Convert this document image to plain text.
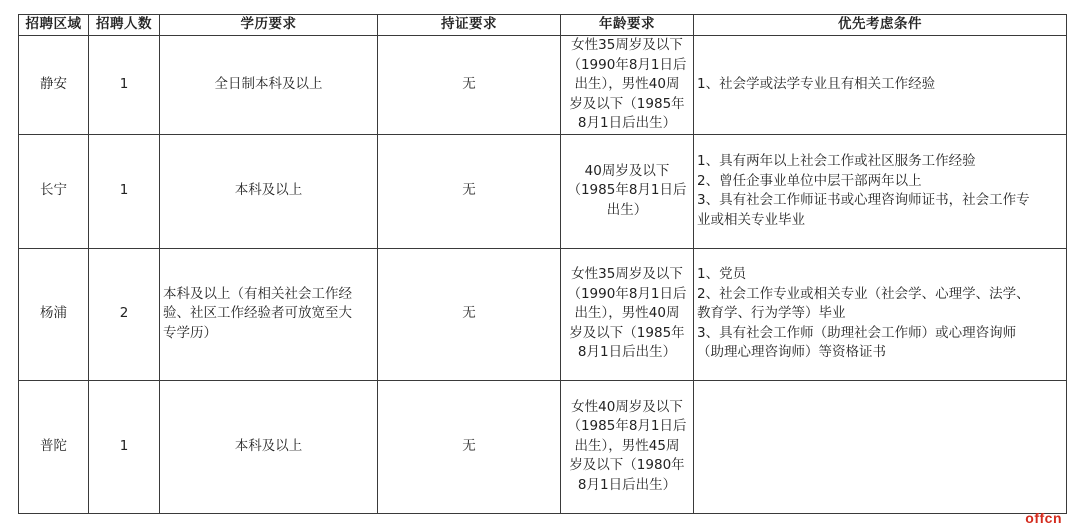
招聘区域	招聘人数	学历要求	持证要求	年龄要求	优先考虑条件
静安	1	全日制本科及以上	无	女性35周岁及以下
（1990年8月1日后
出生），男性40周
岁及以下（1985年
8月1日后出生）	1、社会学或法学专业且有相关工作经验
长宁	1	本科及以上	无	40周岁及以下
（1985年8月1日后
出生）	1、具有两年以上社会工作或社区服务工作经验
2、曾任企事业单位中层干部两年以上
3、具有社会工作师证书或心理咨询师证书，社会工作专
业或相关专业毕业
杨浦	2	本科及以上（有相关社会工作经
验、社区工作经验者可放宽至大
专学历）	无	女性35周岁及以下
（1990年8月1日后
出生），男性40周
岁及以下（1985年
8月1日后出生）	1、党员
2、社会工作专业或相关专业（社会学、心理学、法学、
教育学、行为学等）毕业
3、具有社会工作师（助理社会工作师）或心理咨询师
（助理心理咨询师）等资格证书
普陀	1	本科及以上	无	女性40周岁及以下
（1985年8月1日后
出生），男性45周
岁及以下（1980年
8月1日后出生）	
offcn
